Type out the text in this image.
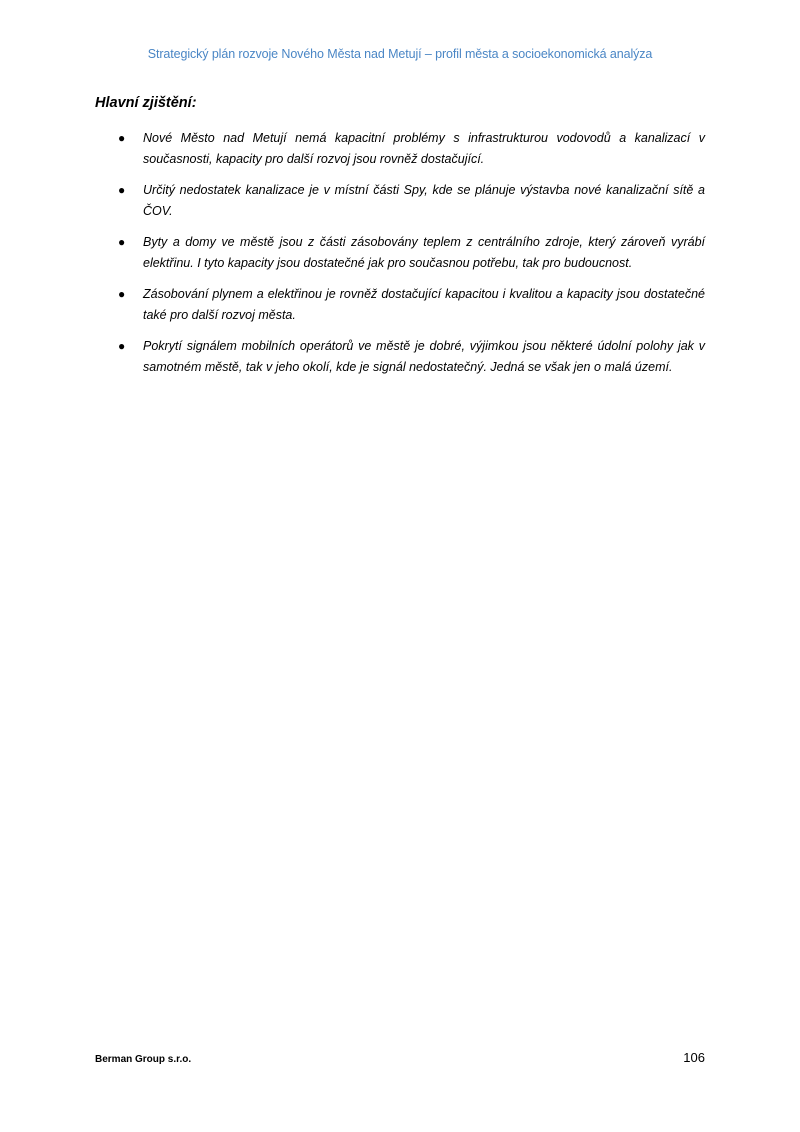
Strategický plán rozvoje Nového Města nad Metují – profil města a socioekonomická analýza
Hlavní zjištění:
● Nové Město nad Metují nemá kapacitní problémy s infrastrukturou vodovodů a kanalizací v současnosti, kapacity pro další rozvoj jsou rovněž dostačující.
● Určitý nedostatek kanalizace je v místní části Spy, kde se plánuje výstavba nové kanalizační sítě a ČOV.
● Byty a domy ve městě jsou z části zásobovány teplem z centrálního zdroje, který zároveň vyrábí elektřinu. I tyto kapacity jsou dostatečné jak pro současnou potřebu, tak pro budoucnost.
● Zásobování plynem a elektřinou je rovněž dostačující kapacitou i kvalitou a kapacity jsou dostatečné také pro další rozvoj města.
● Pokrytí signálem mobilních operátorů ve městě je dobré, výjimkou jsou některé údolní polohy jak v samotném městě, tak v jeho okolí, kde je signál nedostatečný. Jedná se však jen o malá území.
Berman Group s.r.o.	106
